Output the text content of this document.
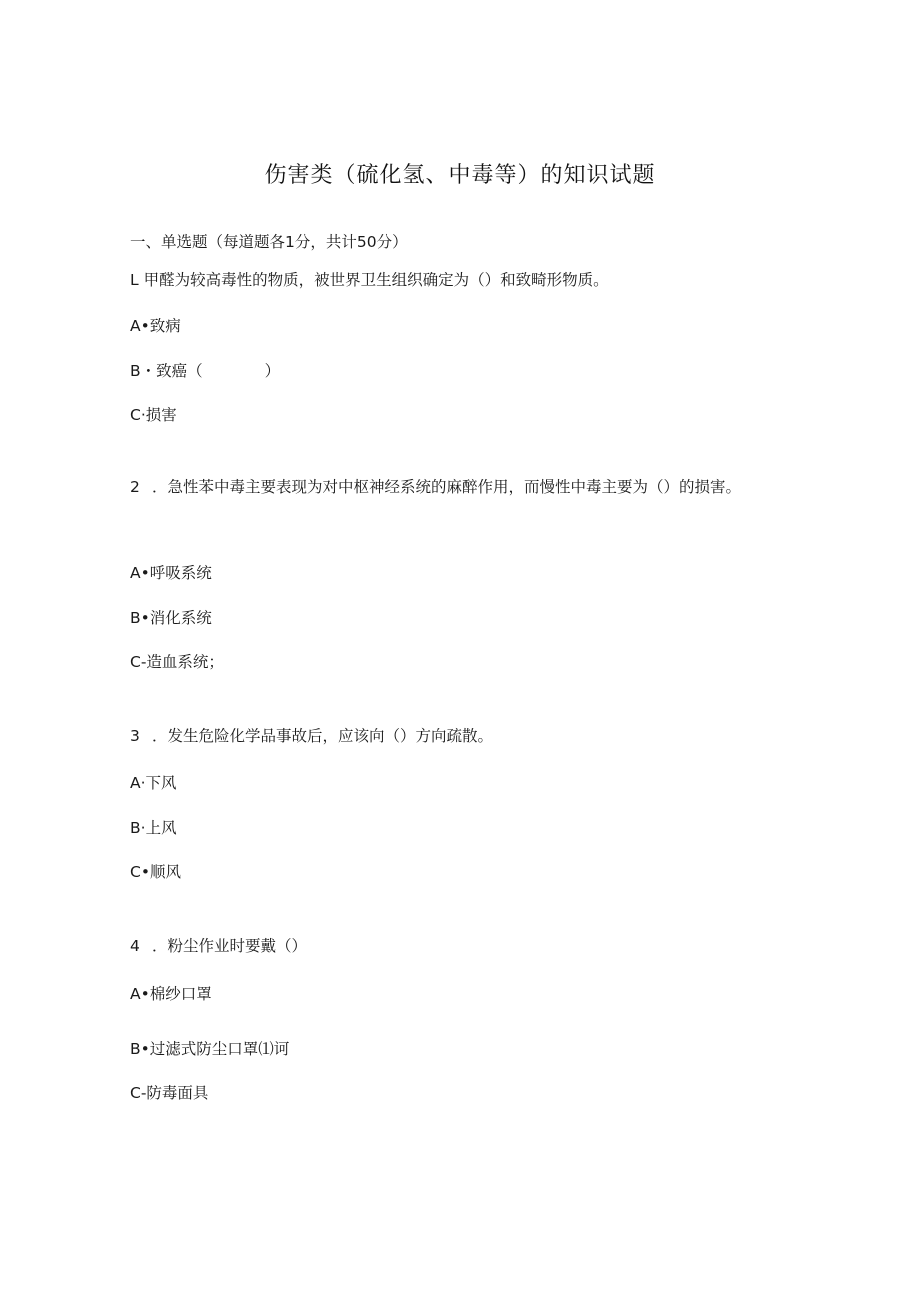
伤害类（硫化氢、中毒等）的知识试题
一、单选题（每道题各1分，共计50分）
L 甲醛为较高毒性的物质，被世界卫生组织确定为（）和致畸形物质。
A•致病
B・致癌（	）
C·损害
2 ．急性苯中毒主要表现为对中枢神经系统的麻醉作用，而慢性中毒主要为（）的损害。
A•呼吸系统
B•消化系统
C-造血系统；
3 ．发生危险化学品事故后，应该向（）方向疏散。
A·下风
B·上风
C•顺风
4 ．粉尘作业时要戴（）
A•棉纱口罩
B•过滤式防尘口罩⑴诃
C-防毒面具
